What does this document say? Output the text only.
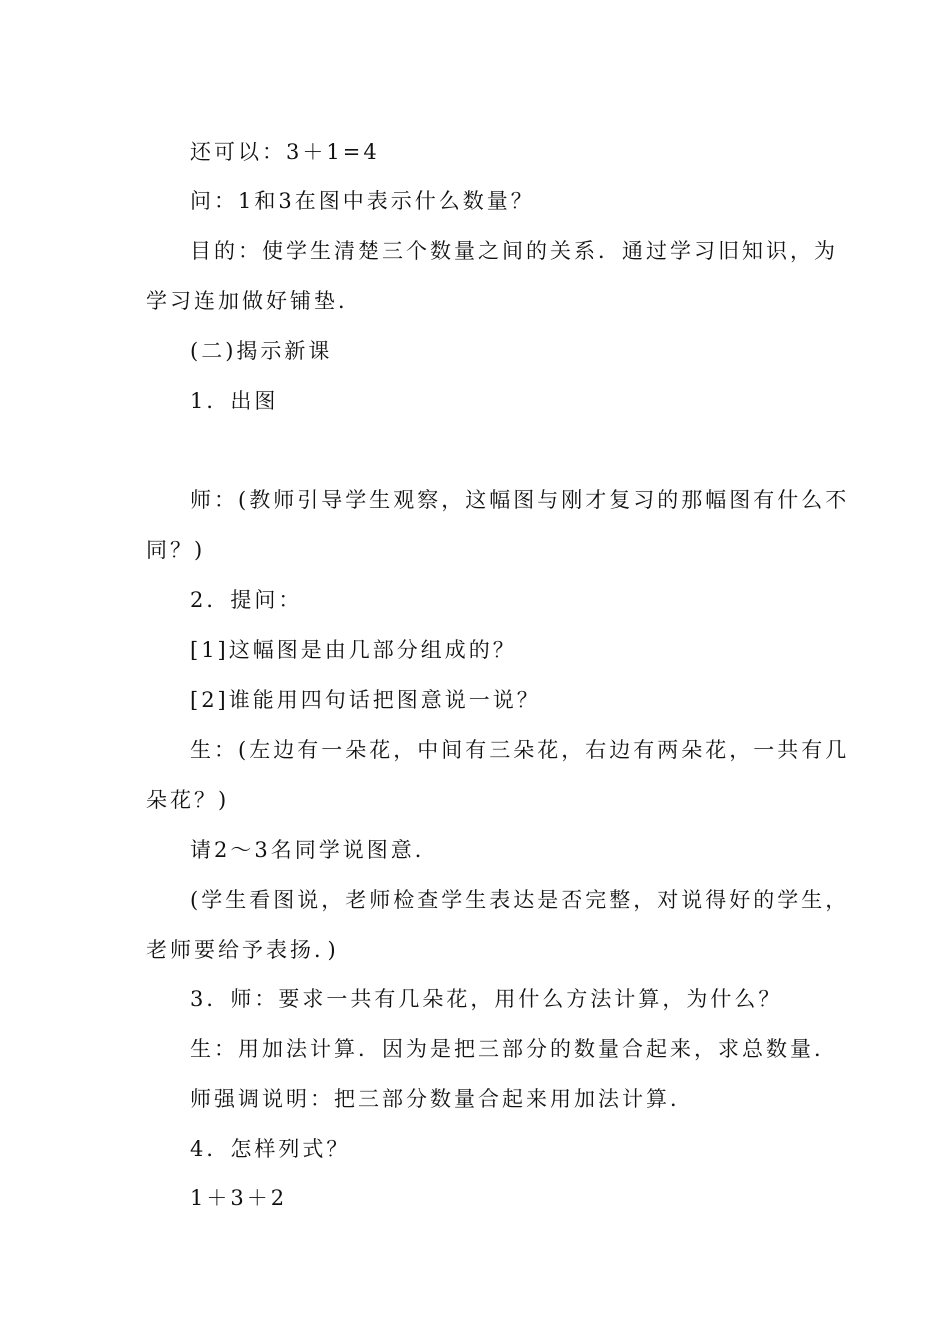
还可以：3＋1=4
问：1和3在图中表示什么数量？
目的：使学生清楚三个数量之间的关系．通过学习旧知识，为
学习连加做好铺垫．
(二)揭示新课
1．出图
师：(教师引导学生观察，这幅图与刚才复习的那幅图有什么不
同？)
2．提问：
[1]这幅图是由几部分组成的？
[2]谁能用四句话把图意说一说？
生：(左边有一朵花，中间有三朵花，右边有两朵花，一共有几
朵花？)
请2～3名同学说图意．
(学生看图说，老师检查学生表达是否完整，对说得好的学生，
老师要给予表扬．)
3．师：要求一共有几朵花，用什么方法计算，为什么？
生：用加法计算．因为是把三部分的数量合起来，求总数量．
师强调说明：把三部分数量合起来用加法计算．
4．怎样列式？
1＋3＋2
